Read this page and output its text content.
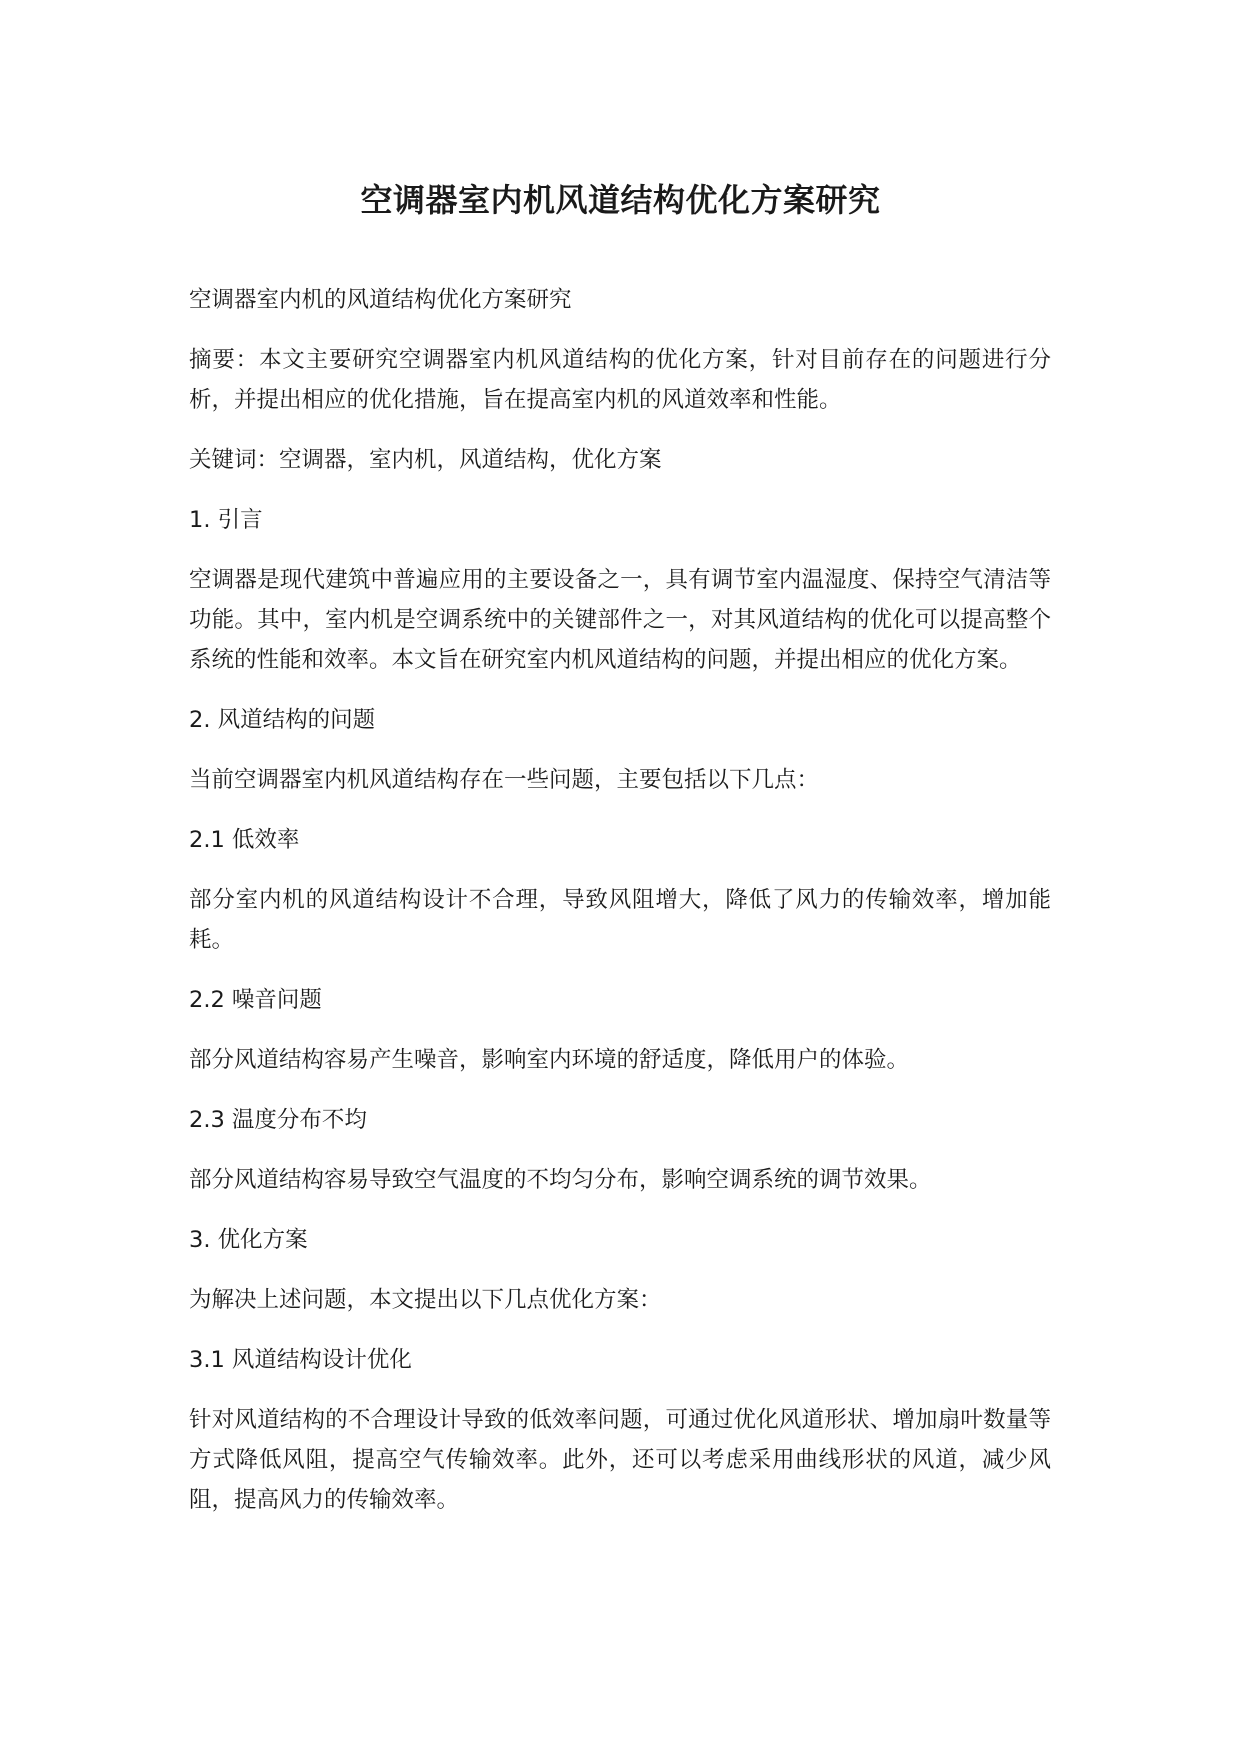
空调器室内机风道结构优化方案研究

空调器室内机的风道结构优化方案研究

摘要：本文主要研究空调器室内机风道结构的优化方案，针对目前存在的问题进行分析，并提出相应的优化措施，旨在提高室内机的风道效率和性能。

关键词：空调器，室内机，风道结构，优化方案

1. 引言

空调器是现代建筑中普遍应用的主要设备之一，具有调节室内温湿度、保持空气清洁等功能。其中，室内机是空调系统中的关键部件之一，对其风道结构的优化可以提高整个系统的性能和效率。本文旨在研究室内机风道结构的问题，并提出相应的优化方案。

2. 风道结构的问题

当前空调器室内机风道结构存在一些问题，主要包括以下几点：

2.1 低效率

部分室内机的风道结构设计不合理，导致风阻增大，降低了风力的传输效率，增加能耗。

2.2 噪音问题

部分风道结构容易产生噪音，影响室内环境的舒适度，降低用户的体验。

2.3 温度分布不均

部分风道结构容易导致空气温度的不均匀分布，影响空调系统的调节效果。

3. 优化方案

为解决上述问题，本文提出以下几点优化方案：

3.1 风道结构设计优化

针对风道结构的不合理设计导致的低效率问题，可通过优化风道形状、增加扇叶数量等方式降低风阻，提高空气传输效率。此外，还可以考虑采用曲线形状的风道，减少风阻，提高风力的传输效率。
